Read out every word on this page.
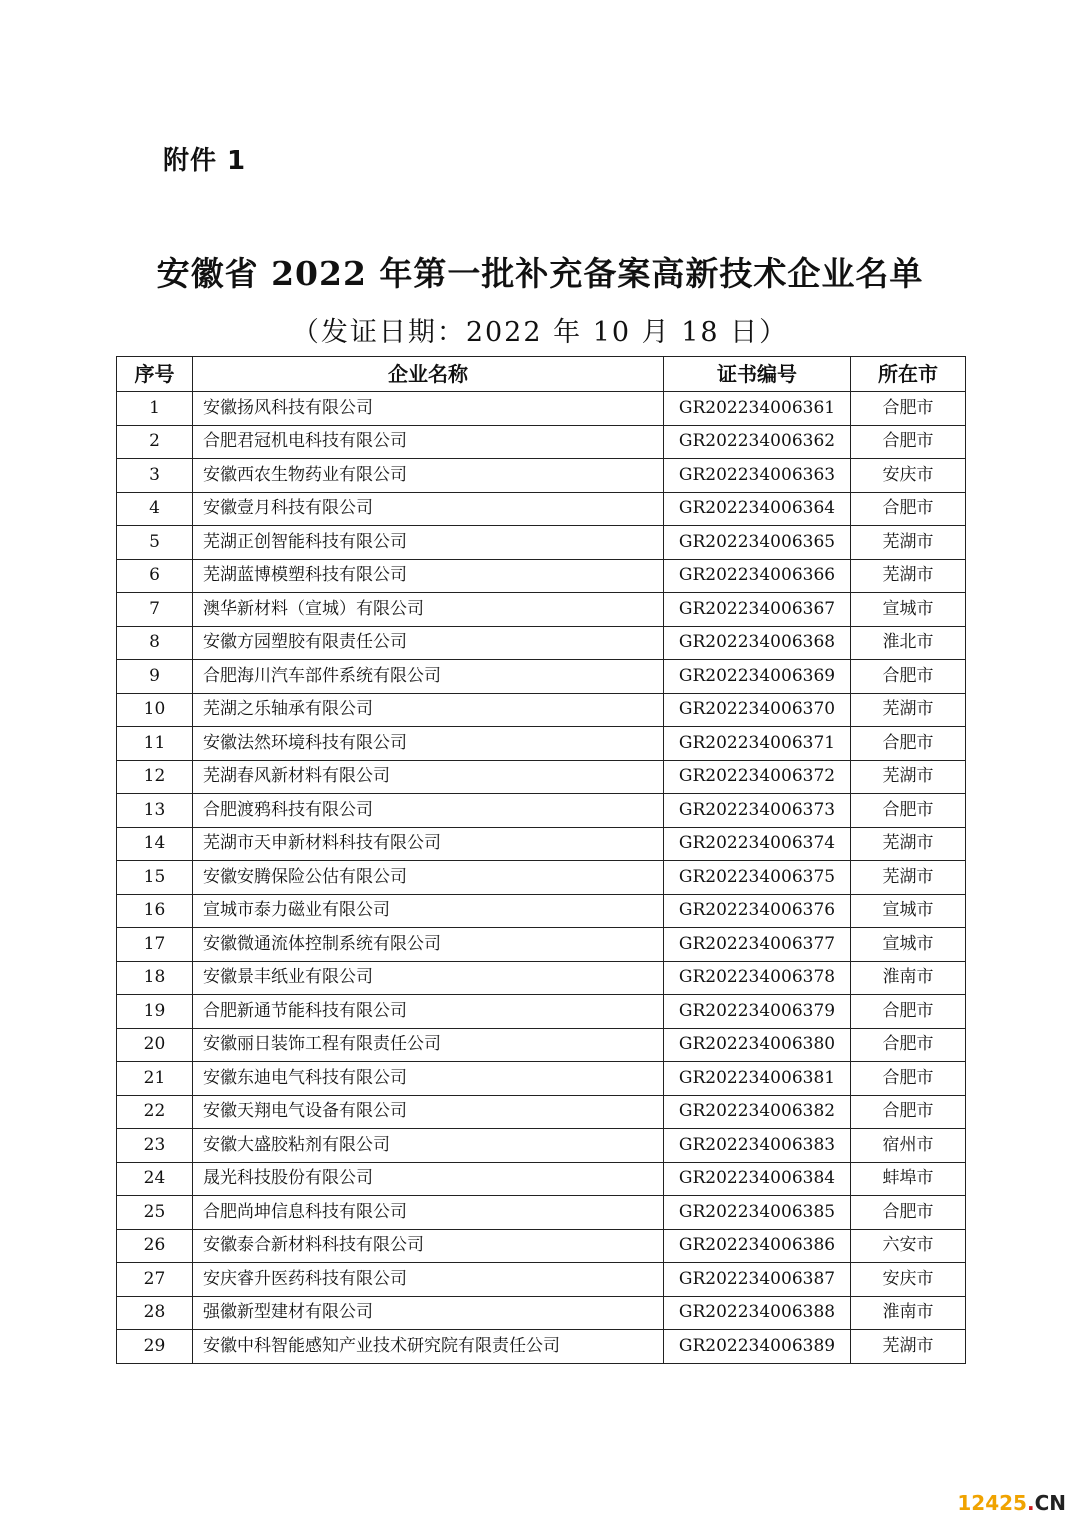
附件 1
安徽省 2022 年第一批补充备案高新技术企业名单
（发证日期：2022 年 10 月 18 日）
序号	企业名称	证书编号	所在市
1	安徽扬风科技有限公司	GR202234006361	合肥市
2	合肥君冠机电科技有限公司	GR202234006362	合肥市
3	安徽西农生物药业有限公司	GR202234006363	安庆市
4	安徽壹月科技有限公司	GR202234006364	合肥市
5	芜湖正创智能科技有限公司	GR202234006365	芜湖市
6	芜湖蓝博模塑科技有限公司	GR202234006366	芜湖市
7	澳华新材料（宣城）有限公司	GR202234006367	宣城市
8	安徽方园塑胶有限责任公司	GR202234006368	淮北市
9	合肥海川汽车部件系统有限公司	GR202234006369	合肥市
10	芜湖之乐轴承有限公司	GR202234006370	芜湖市
11	安徽法然环境科技有限公司	GR202234006371	合肥市
12	芜湖春风新材料有限公司	GR202234006372	芜湖市
13	合肥渡鸦科技有限公司	GR202234006373	合肥市
14	芜湖市天申新材料科技有限公司	GR202234006374	芜湖市
15	安徽安腾保险公估有限公司	GR202234006375	芜湖市
16	宣城市泰力磁业有限公司	GR202234006376	宣城市
17	安徽微通流体控制系统有限公司	GR202234006377	宣城市
18	安徽景丰纸业有限公司	GR202234006378	淮南市
19	合肥新通节能科技有限公司	GR202234006379	合肥市
20	安徽丽日装饰工程有限责任公司	GR202234006380	合肥市
21	安徽东迪电气科技有限公司	GR202234006381	合肥市
22	安徽天翔电气设备有限公司	GR202234006382	合肥市
23	安徽大盛胶粘剂有限公司	GR202234006383	宿州市
24	晟光科技股份有限公司	GR202234006384	蚌埠市
25	合肥尚坤信息科技有限公司	GR202234006385	合肥市
26	安徽泰合新材料科技有限公司	GR202234006386	六安市
27	安庆睿升医药科技有限公司	GR202234006387	安庆市
28	强徽新型建材有限公司	GR202234006388	淮南市
29	安徽中科智能感知产业技术研究院有限责任公司	GR202234006389	芜湖市
12425.CN
